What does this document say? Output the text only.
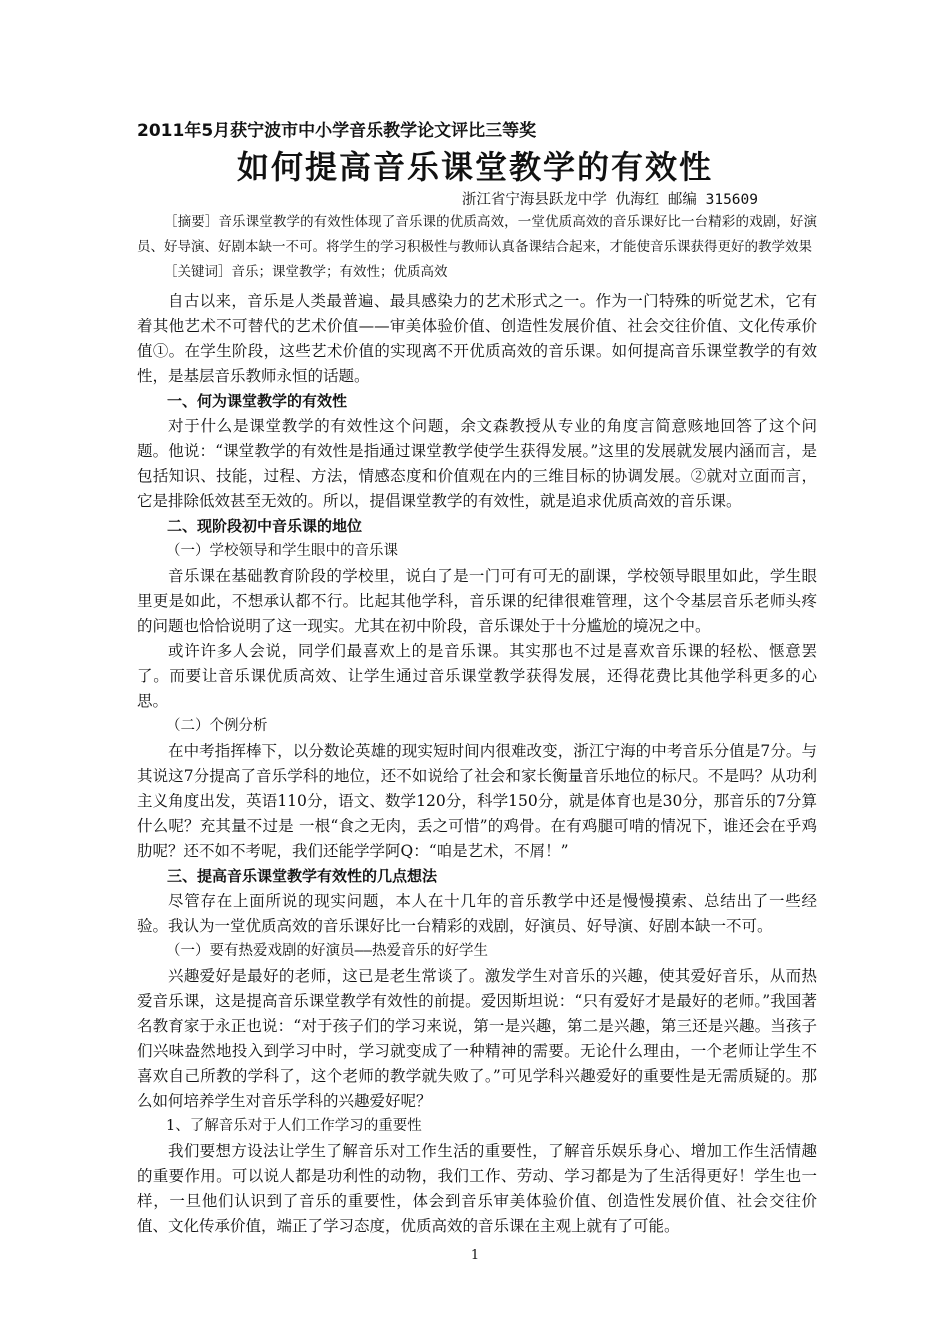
2011年5月获宁波市中小学音乐教学论文评比三等奖
如何提高音乐课堂教学的有效性
浙江省宁海县跃龙中学 仇海红 邮编 315609

［摘要］音乐课堂教学的有效性体现了音乐课的优质高效，一堂优质高效的音乐课好比一台精彩的戏剧，好演员、好导演、好剧本缺一不可。将学生的学习积极性与教师认真备课结合起来，才能使音乐课获得更好的教学效果

［关键词］音乐；课堂教学；有效性；优质高效

自古以来，音乐是人类最普遍、最具感染力的艺术形式之一。作为一门特殊的听觉艺术，它有着其他艺术不可替代的艺术价值——审美体验价值、创造性发展价值、社会交往价值、文化传承价值①。在学生阶段，这些艺术价值的实现离不开优质高效的音乐课。如何提高音乐课堂教学的有效性，是基层音乐教师永恒的话题。

一、何为课堂教学的有效性

对于什么是课堂教学的有效性这个问题，余文森教授从专业的角度言简意赅地回答了这个问题。他说：“课堂教学的有效性是指通过课堂教学使学生获得发展。”这里的发展就发展内涵而言，是包括知识、技能，过程、方法，情感态度和价值观在内的三维目标的协调发展。②就对立面而言，它是排除低效甚至无效的。所以，提倡课堂教学的有效性，就是追求优质高效的音乐课。

二、现阶段初中音乐课的地位

（一）学校领导和学生眼中的音乐课

音乐课在基础教育阶段的学校里，说白了是一门可有可无的副课，学校领导眼里如此，学生眼里更是如此，不想承认都不行。比起其他学科，音乐课的纪律很难管理，这个令基层音乐老师头疼的问题也恰恰说明了这一现实。尤其在初中阶段，音乐课处于十分尴尬的境况之中。

或许许多人会说，同学们最喜欢上的是音乐课。其实那也不过是喜欢音乐课的轻松、惬意罢了。而要让音乐课优质高效、让学生通过音乐课堂教学获得发展，还得花费比其他学科更多的心思。

（二）个例分析

在中考指挥棒下，以分数论英雄的现实短时间内很难改变，浙江宁海的中考音乐分值是7分。与其说这7分提高了音乐学科的地位，还不如说给了社会和家长衡量音乐地位的标尺。不是吗？从功利主义角度出发，英语110分，语文、数学120分，科学150分，就是体育也是30分，那音乐的7分算什么呢？充其量不过是 一根“食之无肉，丢之可惜”的鸡骨。在有鸡腿可啃的情况下，谁还会在乎鸡肋呢？还不如不考呢，我们还能学学阿Q：“咱是艺术，不屑！”

三、提高音乐课堂教学有效性的几点想法

尽管存在上面所说的现实问题，本人在十几年的音乐教学中还是慢慢摸索、总结出了一些经验。我认为一堂优质高效的音乐课好比一台精彩的戏剧，好演员、好导演、好剧本缺一不可。

（一）要有热爱戏剧的好演员——热爱音乐的好学生

兴趣爱好是最好的老师，这已是老生常谈了。激发学生对音乐的兴趣，使其爱好音乐，从而热爱音乐课，这是提高音乐课堂教学有效性的前提。爱因斯坦说：“只有爱好才是最好的老师。”我国著名教育家于永正也说：“对于孩子们的学习来说，第一是兴趣，第二是兴趣，第三还是兴趣。当孩子们兴味盎然地投入到学习中时，学习就变成了一种精神的需要。无论什么理由，一个老师让学生不喜欢自己所教的学科了，这个老师的教学就失败了。”可见学科兴趣爱好的重要性是无需质疑的。那么如何培养学生对音乐学科的兴趣爱好呢？

1、了解音乐对于人们工作学习的重要性

我们要想方设法让学生了解音乐对工作生活的重要性，了解音乐娱乐身心、增加工作生活情趣的重要作用。可以说人都是功利性的动物，我们工作、劳动、学习都是为了生活得更好！学生也一样，一旦他们认识到了音乐的重要性，体会到音乐审美体验价值、创造性发展价值、社会交往价值、文化传承价值，端正了学习态度，优质高效的音乐课在主观上就有了可能。

1
